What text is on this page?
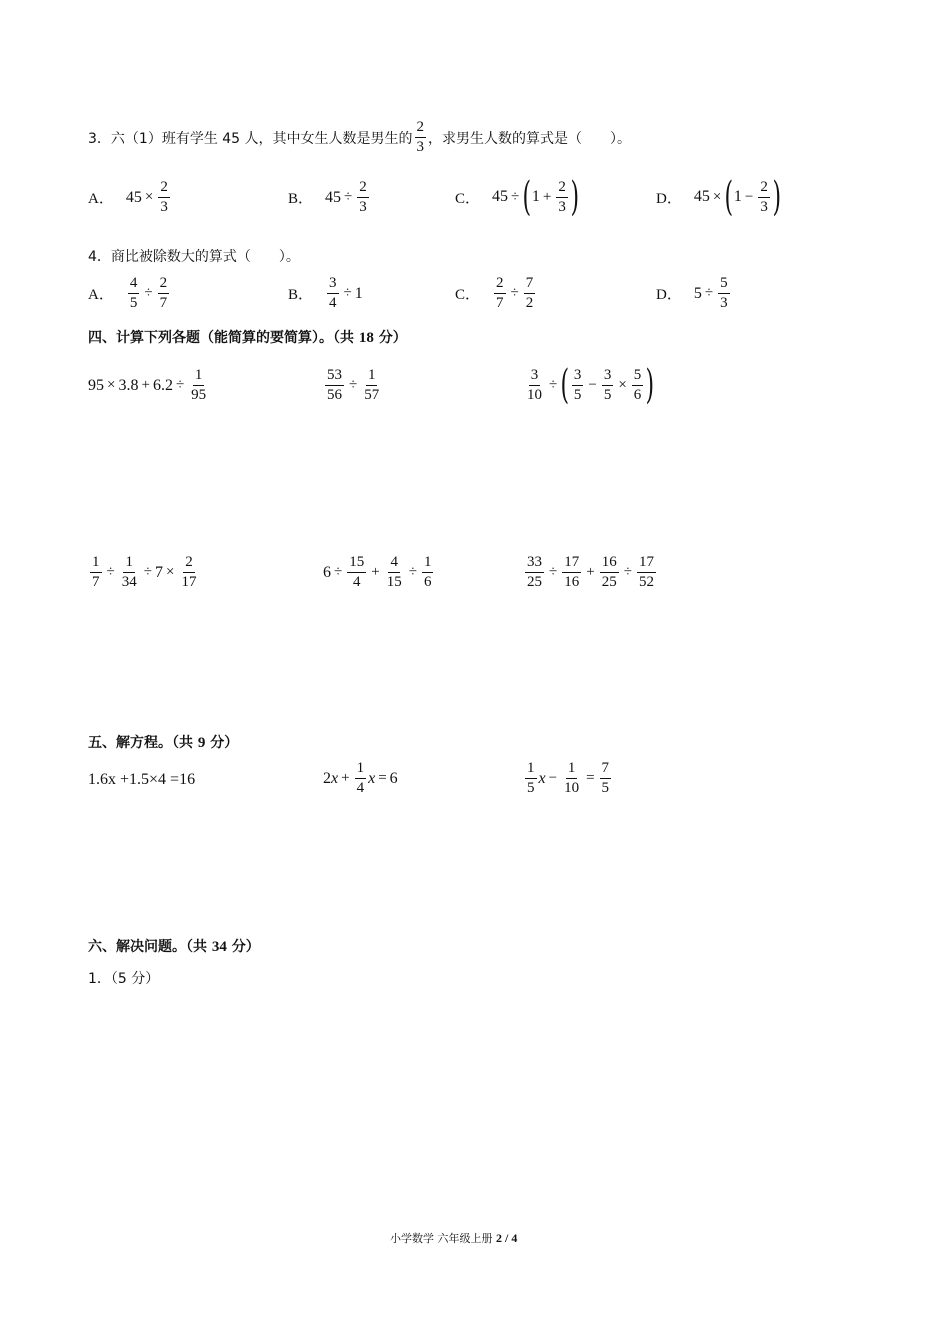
3．六（1）班有学生 45 人，其中女生人数是男生的 $\frac{2}{3}$ ，求男生人数的算式是（　　）。
A． $45 \times \frac{2}{3}$	B． $45 \div \frac{2}{3}$	C． 45 ÷ ( $1 + \frac{2}{3}$ )	D． 45 × ( $1 - \frac{2}{3}$ )
4．商比被除数大的算式（　　）。
A． $\frac{4}{5} \div \frac{2}{7}$	B． $\frac{3}{4} \div 1$	C． $\frac{2}{7} \div \frac{7}{2}$	D． $5 \div \frac{5}{3}$
四、计算下列各题（能简算的要简算）。（共 18 分）
$95 \times 3.8 + 6.2 \div \frac{1}{95}$	$\frac{53}{56} \div \frac{1}{57}$	$\frac{3}{10}$ ÷ ( $\frac{3}{5} - \frac{3}{5} \times \frac{5}{6}$ )
$\frac{1}{7} \div \frac{1}{34} \div 7 \times \frac{2}{17}$	$6 \div \frac{15}{4} + \frac{4}{15} \div \frac{1}{6}$	$\frac{33}{25} \div \frac{17}{16} + \frac{16}{25} \div \frac{17}{52}$
五、解方程。（共 9 分）
1.6x +1.5×4 =16	2 $x + \frac{1}{4}$ x = 6	$\frac{1}{5}$ $x - \frac{1}{10} = \frac{7}{5}$
六、解决问题。（共 34 分）
1．（5 分）
小学数学 六年级上册 2 / 4
